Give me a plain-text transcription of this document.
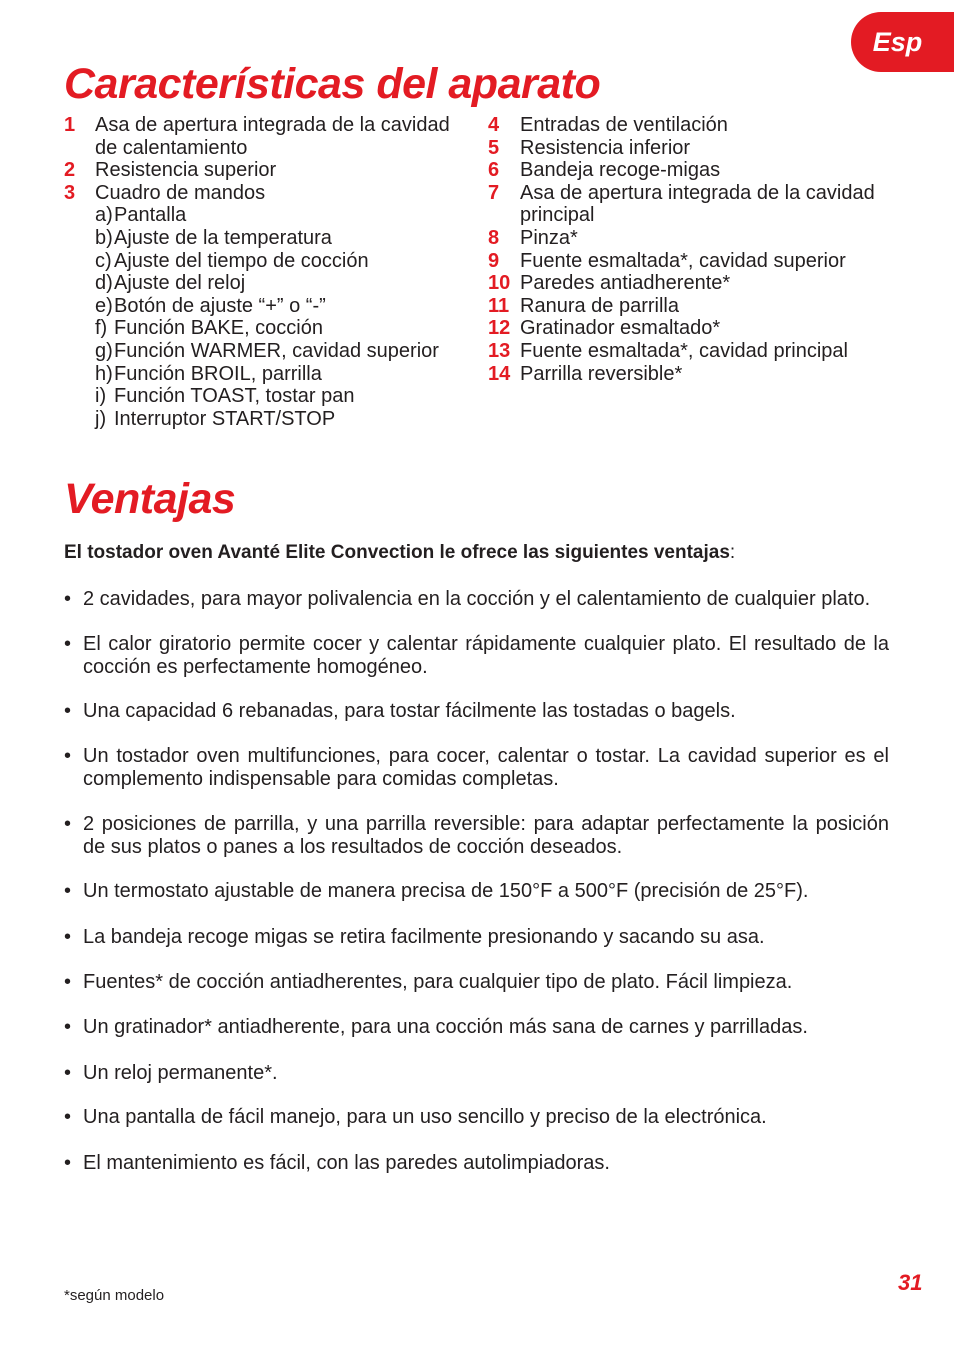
Esp
Características del aparato
1 Asa de apertura integrada de la cavidad de calentamiento
2 Resistencia superior
3 Cuadro de mandos
a) Pantalla
b) Ajuste de la temperatura
c) Ajuste del tiempo de cocción
d) Ajuste del reloj
e) Botón de ajuste “+” o “-”
f) Función BAKE, cocción
g) Función WARMER, cavidad superior
h) Función BROIL, parrilla
i) Función TOAST, tostar pan
j) Interruptor START/STOP
4	Entradas de ventilación
5	Resistencia inferior
6	Bandeja recoge-migas
7	Asa de apertura integrada de la cavidad principal
8	Pinza*
9	Fuente esmaltada*, cavidad superior
10 Paredes antiadherente*
11 Ranura de parrilla
12 Gratinador esmaltado*
13 Fuente esmaltada*, cavidad principal
14 Parrilla reversible*
Ventajas

El tostador oven Avanté Elite Convection le ofrece las siguientes ventajas:

• 2 cavidades, para mayor polivalencia en la cocción y el calentamiento de cualquier plato.
• El calor giratorio permite cocer y calentar rápidamente cualquier plato. El resultado de la cocción es perfectamente homogéneo.
• Una capacidad 6 rebanadas, para tostar fácilmente las tostadas o bagels.
• Un tostador oven multifunciones, para cocer, calentar o tostar. La cavidad superior es el complemento indispensable para comidas completas.
• 2 posiciones de parrilla, y una parrilla reversible: para adaptar perfectamente la posición de sus platos o panes a los resultados de cocción deseados.
• Un termostato ajustable de manera precisa de 150°F a 500°F (precisión de 25°F).
• La bandeja recoge migas se retira facilmente presionando y sacando su asa.
• Fuentes* de cocción antiadherentes, para cualquier tipo de plato. Fácil limpieza.
• Un gratinador* antiadherente, para una cocción más sana de carnes y parrilladas.
• Un reloj permanente*.
• Una pantalla de fácil manejo, para un uso sencillo y preciso de la electrónica.
• El mantenimiento es fácil, con las paredes autolimpiadoras.
*según modelo
31
